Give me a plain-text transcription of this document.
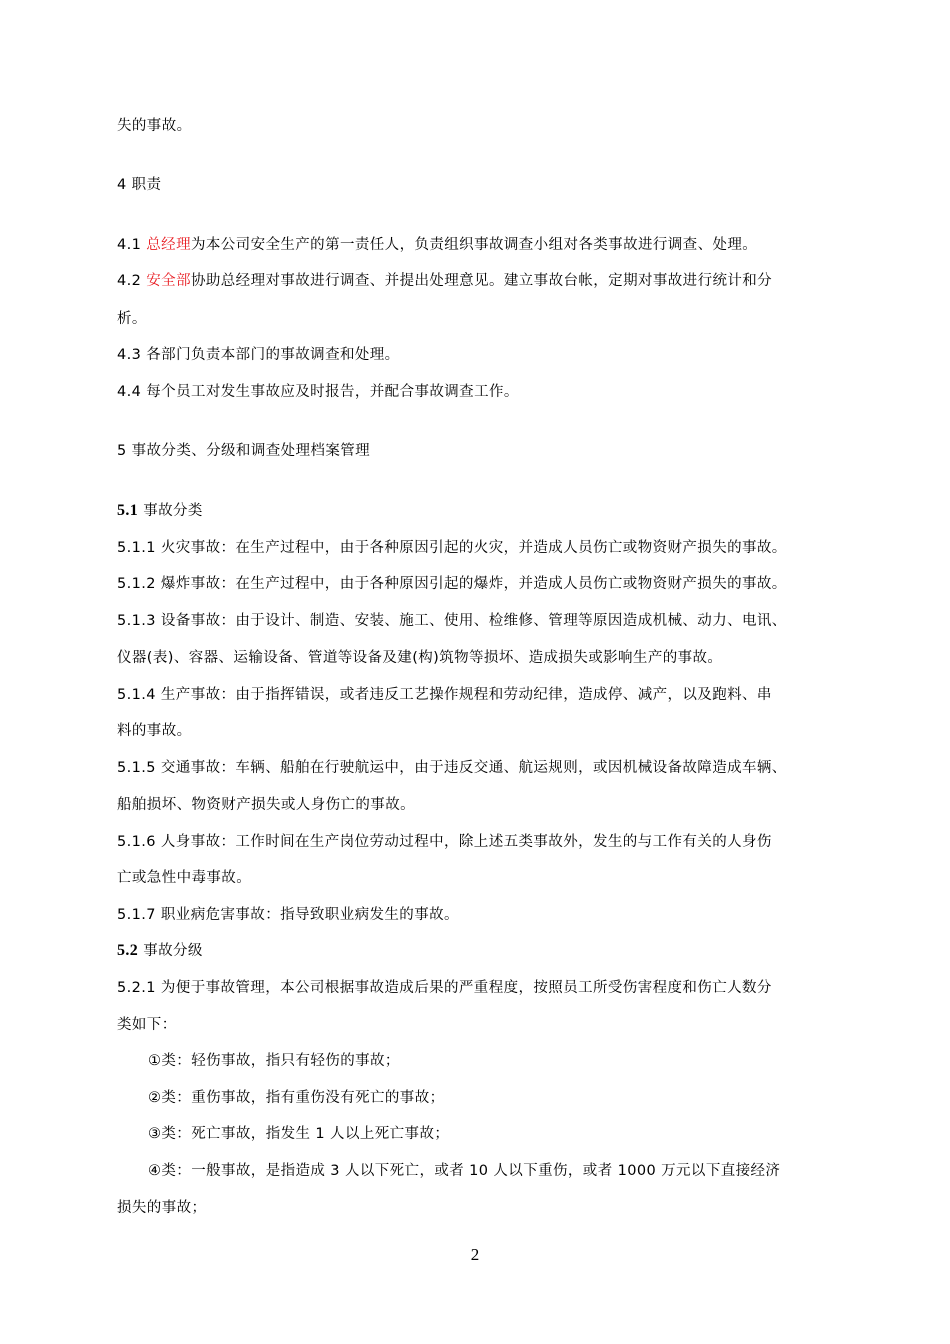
失的事故。
4 职责
4.1 总经理为本公司安全生产的第一责任人，负责组织事故调查小组对各类事故进行调查、处理。
4.2 安全部协助总经理对事故进行调查、并提出处理意见。建立事故台帐，定期对事故进行统计和分
析。
4.3 各部门负责本部门的事故调查和处理。
4.4 每个员工对发生事故应及时报告，并配合事故调查工作。
5 事故分类、分级和调查处理档案管理
5.1 事故分类
5.1.1 火灾事故：在生产过程中，由于各种原因引起的火灾，并造成人员伤亡或物资财产损失的事故。
5.1.2 爆炸事故：在生产过程中，由于各种原因引起的爆炸，并造成人员伤亡或物资财产损失的事故。
5.1.3 设备事故：由于设计、制造、安装、施工、使用、检维修、管理等原因造成机械、动力、电讯、
仪器(表)、容器、运输设备、管道等设备及建(构)筑物等损坏、造成损失或影响生产的事故。
5.1.4 生产事故：由于指挥错误，或者违反工艺操作规程和劳动纪律，造成停、减产，以及跑料、串
料的事故。
5.1.5 交通事故：车辆、船舶在行驶航运中，由于违反交通、航运规则，或因机械设备故障造成车辆、
船舶损坏、物资财产损失或人身伤亡的事故。
5.1.6 人身事故：工作时间在生产岗位劳动过程中，除上述五类事故外，发生的与工作有关的人身伤
亡或急性中毒事故。
5.1.7 职业病危害事故：指导致职业病发生的事故。
5.2 事故分级
5.2.1 为便于事故管理，本公司根据事故造成后果的严重程度，按照员工所受伤害程度和伤亡人数分
类如下：
①类：轻伤事故，指只有轻伤的事故；
②类：重伤事故，指有重伤没有死亡的事故；
③类：死亡事故，指发生 1 人以上死亡事故；
④类：一般事故，是指造成 3 人以下死亡，或者 10 人以下重伤，或者 1000 万元以下直接经济
损失的事故；
2
